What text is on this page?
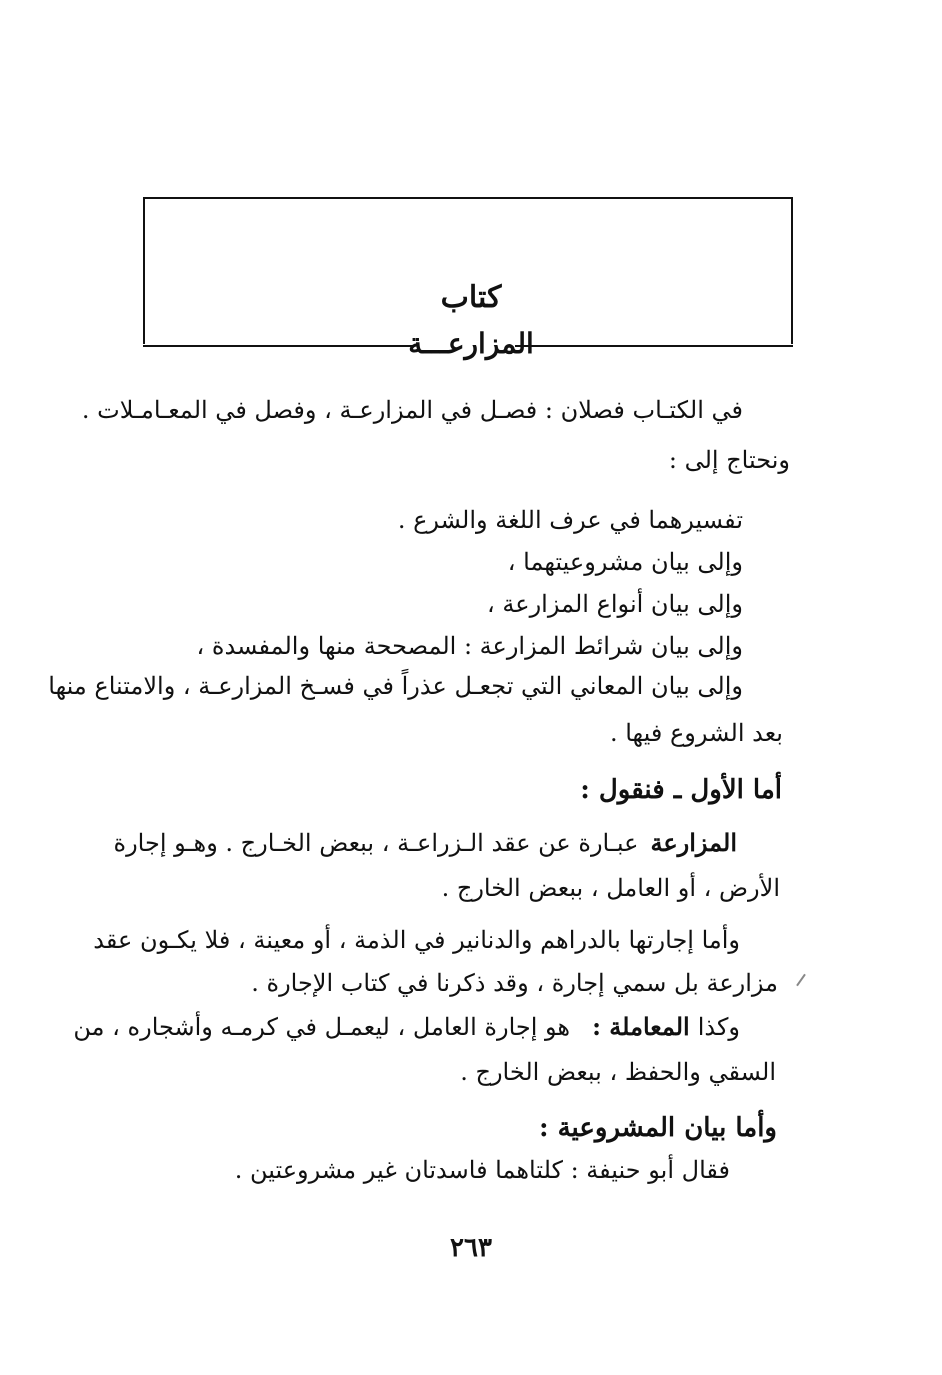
كتاب
المزارعـــة
في الكتـاب فصلان : فصـل في المزارعـة ، وفصل في المعـامـلات .
ونحتاج إلى :
تفسيرهما في عرف اللغة والشرع .
وإلى بيان مشروعيتهما ،
وإلى بيان أنواع المزارعة ،
وإلى بيان شرائط المزارعة : المصححة منها والمفسدة ،
وإلى بيان المعاني التي تجعـل عذراً في فسـخ المزارعـة ، والامتناع منها
بعد الشروع فيها .
أما الأول ـ فنقول :
المزارعة
عبـارة عن عقد الـزراعـة ، ببعض الخـارج . وهـو إجارة
الأرض ، أو العامل ، ببعض الخارج .
وأما إجارتها بالدراهم والدنانير في الذمة ، أو معينة ، فلا يكـون عقد
مزارعة بل سمي إجارة ، وقد ذكرنا في كتاب الإجارة .
وكذا
المعاملة :
هو إجارة العامل ، ليعمـل في كرمـه وأشجاره ، من
السقي والحفظ ، ببعض الخارج .
وأما بيان المشروعية :
فقال أبو حنيفة : كلتاهما فاسدتان غير مشروعتين .
٢٦٣
